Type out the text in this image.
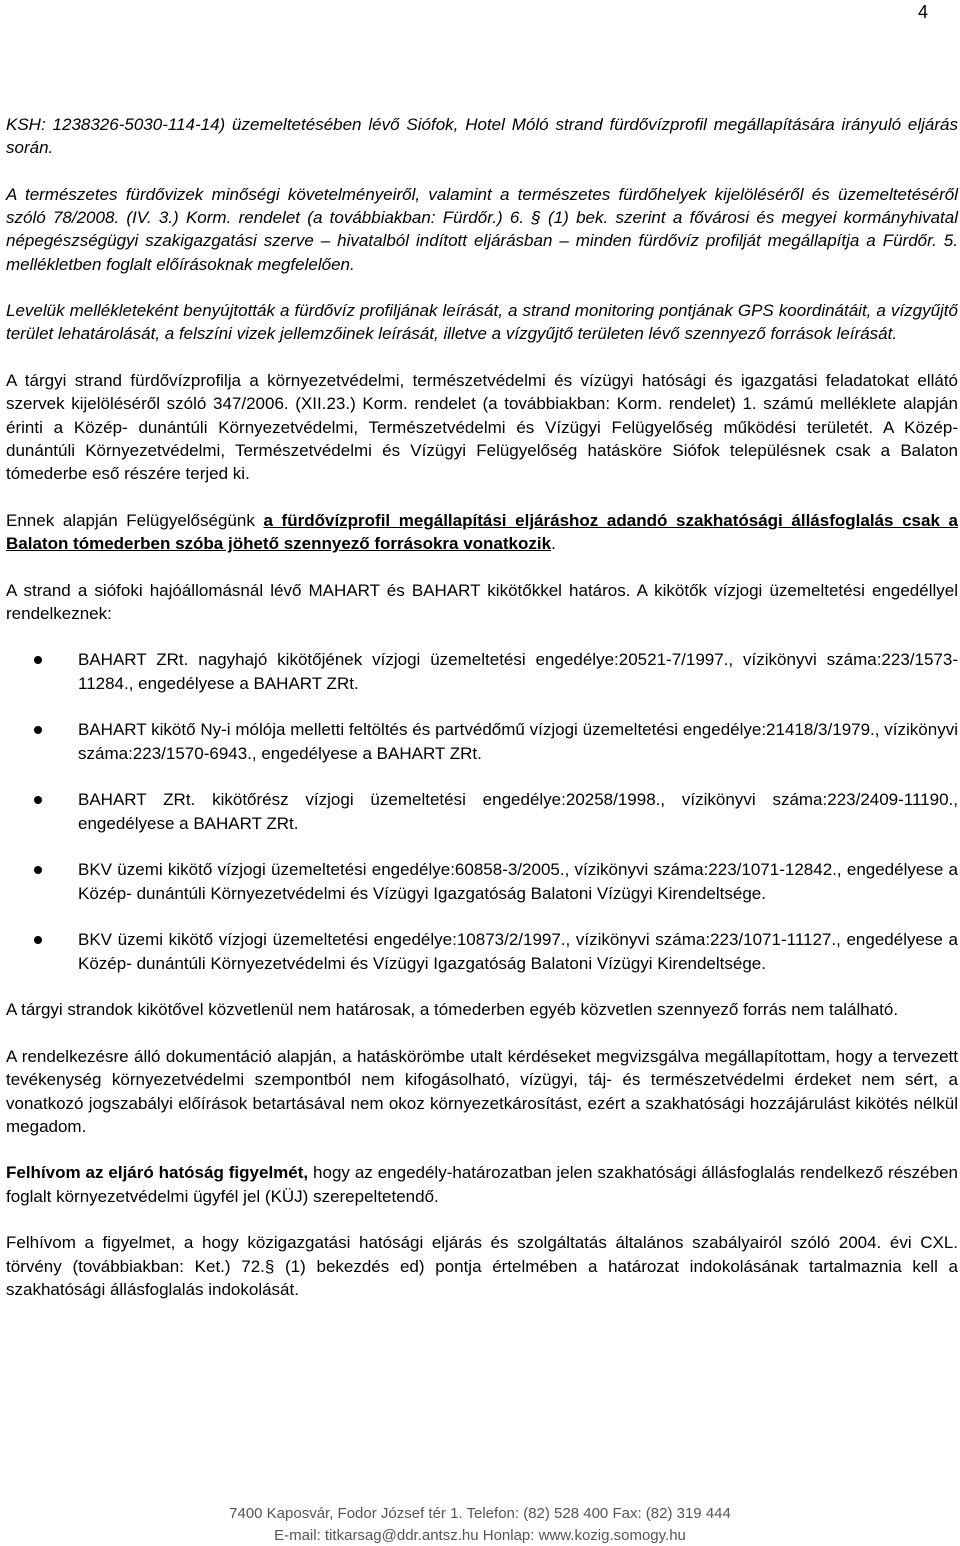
4

KSH: 1238326-5030-114-14) üzemeltetésében lévő Siófok, Hotel Móló strand fürdővízprofil megállapítására irányuló eljárás során.

A természetes fürdővizek minőségi követelményeiről, valamint a természetes fürdőhelyek kijelöléséről és üzemeltetéséről szóló 78/2008. (IV. 3.) Korm. rendelet (a továbbiakban: Fürdőr.) 6. § (1) bek. szerint a fővárosi és megyei kormányhivatal népegészségügyi szakigazgatási szerve – hivatalból indított eljárásban – minden fürdővíz profilját megállapítja a Fürdőr. 5. mellékletben foglalt előírásoknak megfelelően.

Levelük mellékleteként benyújtották a fürdővíz profiljának leírását, a strand monitoring pontjának GPS koordinátáit, a vízgyűjtő terület lehatárolását, a felszíni vizek jellemzőinek leírását, illetve a vízgyűjtő területen lévő szennyező források leírását.

A tárgyi strand fürdővízprofilja a környezetvédelmi, természetvédelmi és vízügyi hatósági és igazgatási feladatokat ellátó szervek kijelöléséről szóló 347/2006. (XII.23.) Korm. rendelet (a továbbiakban: Korm. rendelet) 1. számú melléklete alapján érinti a Közép- dunántúli Környezetvédelmi, Természetvédelmi és Vízügyi Felügyelőség működési területét. A Közép- dunántúli Környezetvédelmi, Természetvédelmi és Vízügyi Felügyelőség hatásköre Siófok településnek csak a Balaton tómederbe eső részére terjed ki.

Ennek alapján Felügyelőségünk a fürdővízprofil megállapítási eljáráshoz adandó szakhatósági állásfoglalás csak a Balaton tómederben szóba jöhető szennyező forrásokra vonatkozik.

A strand a siófoki hajóállomásnál lévő MAHART és BAHART kikötőkkel határos. A kikötők vízjogi üzemeltetési engedéllyel rendelkeznek:

BAHART ZRt. nagyhajó kikötőjének vízjogi üzemeltetési engedélye:20521-7/1997., vízikönyvi száma:223/1573-11284., engedélyese a BAHART ZRt.
BAHART kikötő Ny-i mólója melletti feltöltés és partvédőmű vízjogi üzemeltetési engedélye:21418/3/1979., vízikönyvi száma:223/1570-6943., engedélyese a BAHART ZRt.
BAHART ZRt. kikötőrész vízjogi üzemeltetési engedélye:20258/1998., vízikönyvi száma:223/2409-11190., engedélyese a BAHART ZRt.
BKV üzemi kikötő vízjogi üzemeltetési engedélye:60858-3/2005., vízikönyvi száma:223/1071-12842., engedélyese a Közép- dunántúli Környezetvédelmi és Vízügyi Igazgatóság Balatoni Vízügyi Kirendeltsége.
BKV üzemi kikötő vízjogi üzemeltetési engedélye:10873/2/1997., vízikönyvi száma:223/1071-11127., engedélyese a Közép- dunántúli Környezetvédelmi és Vízügyi Igazgatóság Balatoni Vízügyi Kirendeltsége.

A tárgyi strandok kikötővel közvetlenül nem határosak, a tómederben egyéb közvetlen szennyező forrás nem található.

A rendelkezésre álló dokumentáció alapján, a hatáskörömbe utalt kérdéseket megvizsgálva megállapítottam, hogy a tervezett tevékenység környezetvédelmi szempontból nem kifogásolható, vízügyi, táj- és természetvédelmi érdeket nem sért, a vonatkozó jogszabályi előírások betartásával nem okoz környezetkárosítást, ezért a szakhatósági hozzájárulást kikötés nélkül megadom.

Felhívom az eljáró hatóság figyelmét, hogy az engedély-határozatban jelen szakhatósági állásfoglalás rendelkező részében foglalt környezetvédelmi ügyfél jel (KÜJ) szerepeltetendő.

Felhívom a figyelmet, a hogy közigazgatási hatósági eljárás és szolgáltatás általános szabályairól szóló 2004. évi CXL. törvény (továbbiakban: Ket.) 72.§ (1) bekezdés ed) pontja értelmében a határozat indokolásának tartalmaznia kell a szakhatósági állásfoglalás indokolását.

7400 Kaposvár, Fodor József tér 1. Telefon: (82) 528 400 Fax: (82) 319 444
E-mail: titkarsag@ddr.antsz.hu Honlap: www.kozig.somogy.hu
